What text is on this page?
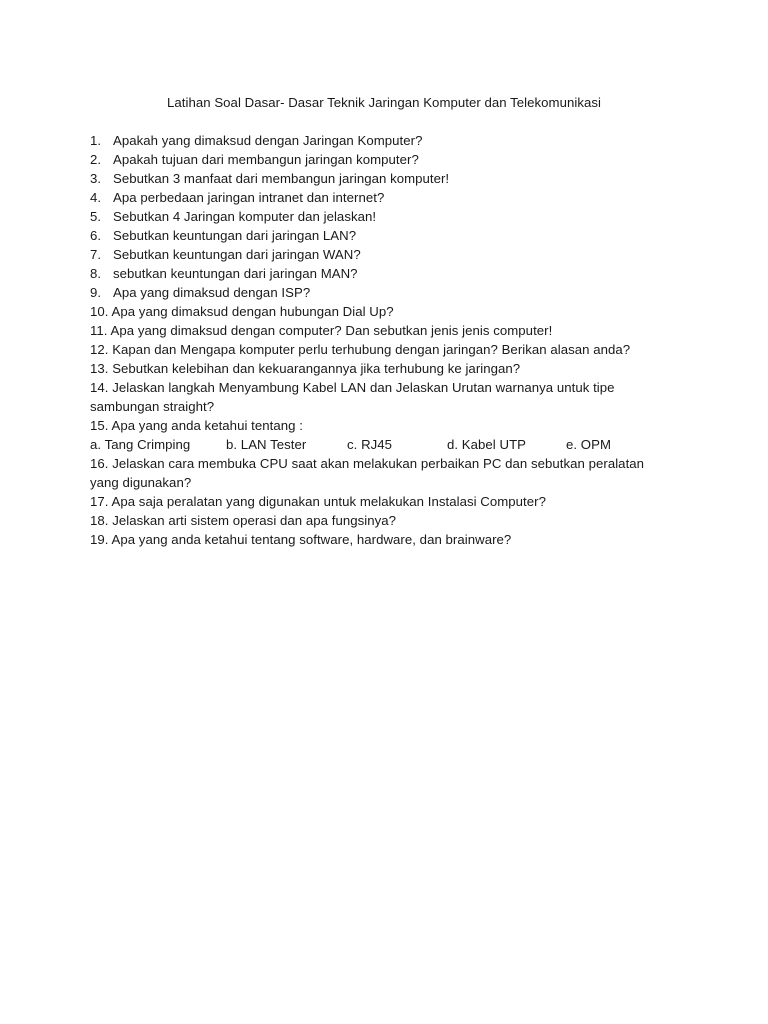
Latihan Soal Dasar- Dasar Teknik Jaringan Komputer dan Telekomunikasi
1. Apakah yang dimaksud dengan Jaringan Komputer?
2. Apakah tujuan dari membangun jaringan komputer?
3. Sebutkan 3 manfaat dari membangun jaringan komputer!
4. Apa perbedaan jaringan intranet dan internet?
5. Sebutkan 4 Jaringan komputer dan jelaskan!
6. Sebutkan keuntungan dari jaringan LAN?
7. Sebutkan keuntungan dari jaringan WAN?
8. sebutkan keuntungan dari jaringan MAN?
9. Apa yang dimaksud dengan ISP?
10. Apa yang dimaksud dengan hubungan Dial Up?
11. Apa yang dimaksud dengan computer? Dan sebutkan jenis jenis computer!
12. Kapan dan Mengapa komputer perlu terhubung dengan jaringan? Berikan alasan anda?
13. Sebutkan kelebihan dan kekuarangannya jika terhubung ke jaringan?
14. Jelaskan langkah Menyambung Kabel LAN dan Jelaskan Urutan warnanya untuk tipe sambungan straight?
15. Apa yang anda ketahui tentang :
a. Tang Crimping	b. LAN Tester	c. RJ45	d. Kabel UTP	e. OPM
16. Jelaskan cara membuka CPU saat akan melakukan perbaikan PC dan sebutkan peralatan yang digunakan?
17. Apa saja peralatan yang digunakan untuk melakukan Instalasi Computer?
18. Jelaskan arti sistem operasi dan apa fungsinya?
19. Apa yang anda ketahui tentang software, hardware, dan brainware?
